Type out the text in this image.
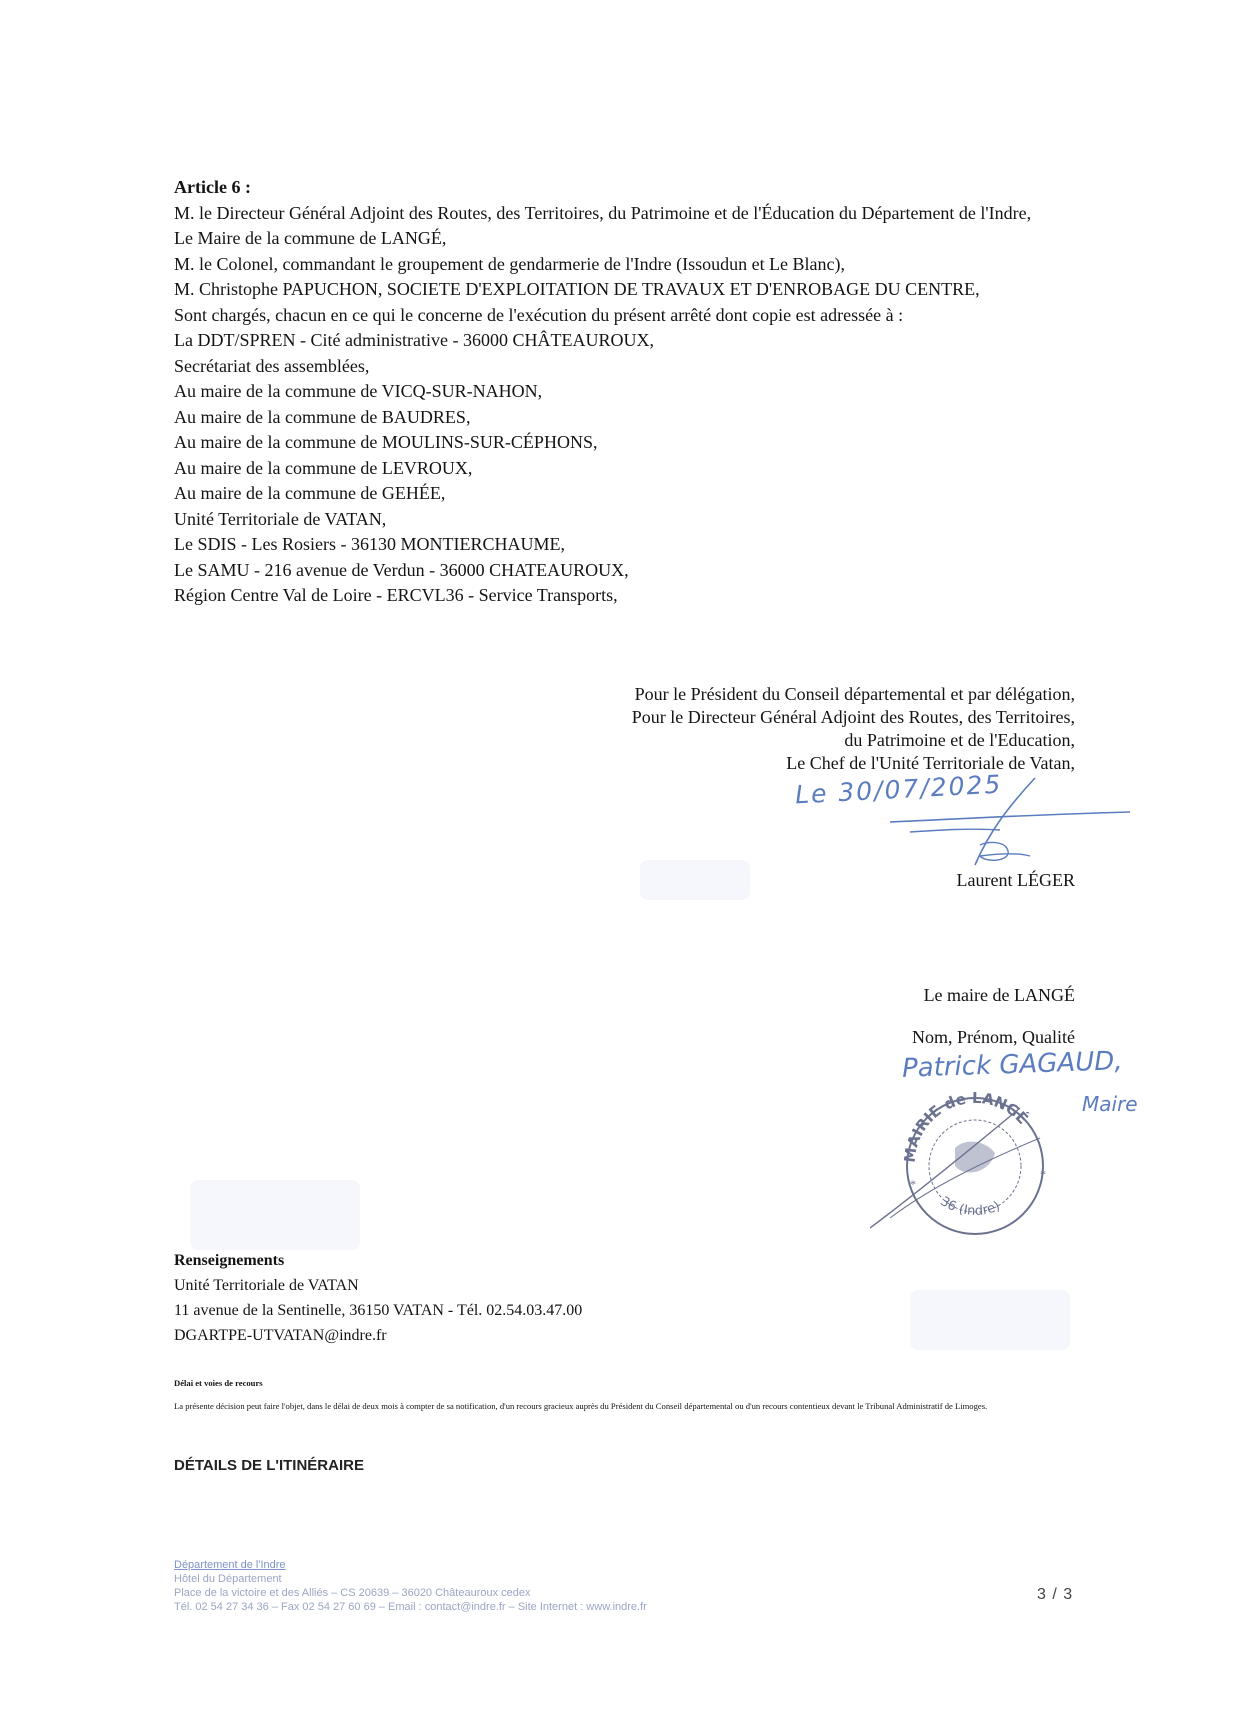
Article 6 :

M. le Directeur Général Adjoint des Routes, des Territoires, du Patrimoine et de l'Éducation du Département de l'Indre,

Le Maire de la commune de LANGÉ,

M. le Colonel, commandant le groupement de gendarmerie de l'Indre (Issoudun et Le Blanc),

M. Christophe PAPUCHON, SOCIETE D'EXPLOITATION DE TRAVAUX ET D'ENROBAGE DU CENTRE,

Sont chargés, chacun en ce qui le concerne de l'exécution du présent arrêté dont copie est adressée à :

La DDT/SPREN - Cité administrative - 36000 CHÂTEAUROUX,

Secrétariat des assemblées,

Au maire de la commune de VICQ-SUR-NAHON,

Au maire de la commune de BAUDRES,

Au maire de la commune de MOULINS-SUR-CÉPHONS,

Au maire de la commune de LEVROUX,

Au maire de la commune de GEHÉE,

Unité Territoriale de VATAN,

Le SDIS - Les Rosiers - 36130 MONTIERCHAUME,

Le SAMU - 216 avenue de Verdun - 36000 CHATEAUROUX,

Région Centre Val de Loire - ERCVL36 - Service Transports,

Pour le Président du Conseil départemental et par délégation,

Pour le Directeur Général Adjoint des Routes, des Territoires,

du Patrimoine et de l'Education,

Le Chef de l'Unité Territoriale de Vatan,

Le 30/07/2025
Laurent LÉGER
Le maire de LANGÉ
Nom, Prénom, Qualité
Patrick GAGAUD,
Maire
MAIRIE de LANGÉ
36 (Indre)
*
*

Renseignements

Unité Territoriale de VATAN

11 avenue de la Sentinelle, 36150 VATAN - Tél. 02.54.03.47.00

DGARTPE-UTVATAN@indre.fr

Délai et voies de recours

La présente décision peut faire l'objet, dans le délai de deux mois à compter de sa notification, d'un recours gracieux auprès du Président du Conseil départemental ou d'un recours contentieux devant le Tribunal Administratif de Limoges.

DÉTAILS DE L'ITINÉRAIRE

Département de l'Indre

Hôtel du Département

Place de la victoire et des Alliés – CS 20639 – 36020 Châteauroux cedex

Tél. 02 54 27 34 36 – Fax 02 54 27 60 69 – Email : contact@indre.fr – Site Internet : www.indre.fr

3 / 3
